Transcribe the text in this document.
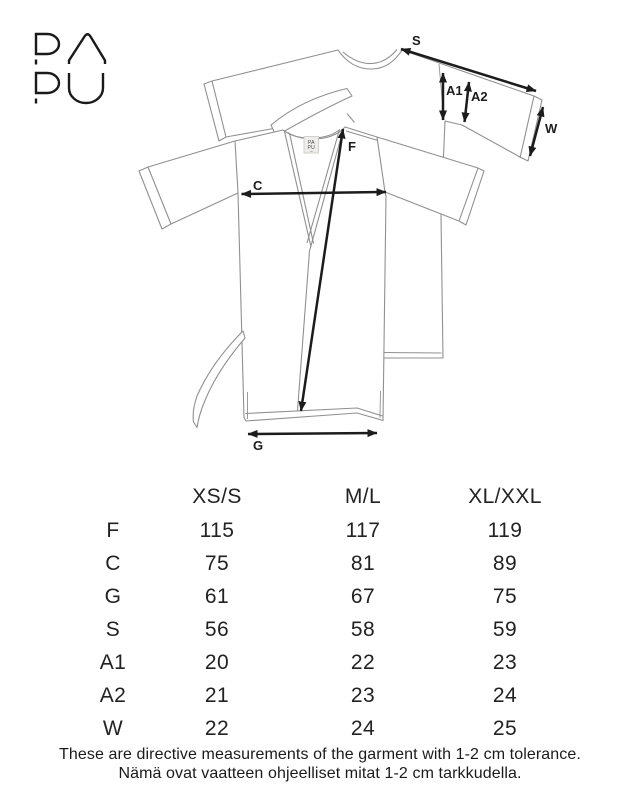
PA
PU
S
A1 A2
W
C
F
G
XS/S	M/L	XL/XXL
F	115	117	119
C	75	81	89
G	61	67	75
S	56	58	59
A1	20	22	23
A2	21	23	24
W	22	24	25
These are directive measurements of the garment with 1-2 cm tolerance.
Nämä ovat vaatteen ohjeelliset mitat 1-2 cm tarkkudella.
